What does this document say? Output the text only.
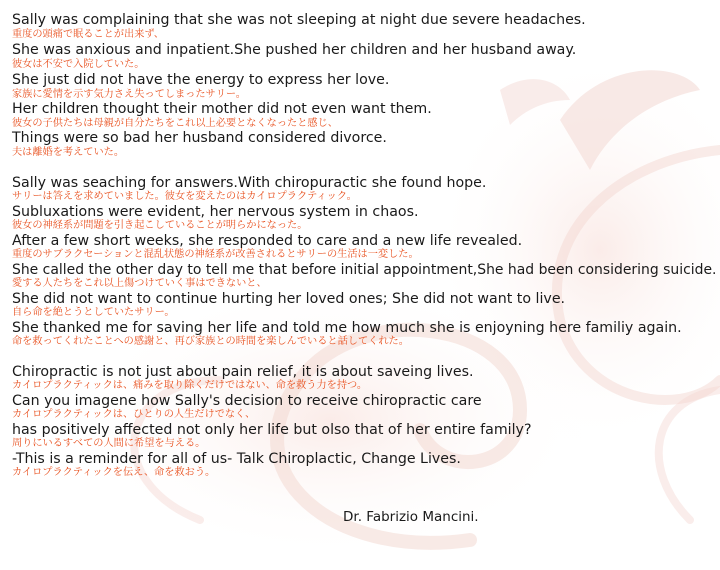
Sally was complaining that she was not sleeping at night due severe headaches.
重度の頭痛で眠ることが出来ず、
She was anxious and inpatient.She pushed her children and her husband away.
彼女は不安で入院していた。
She just did not have the energy to express her love.
家族に愛情を示す気力さえ失ってしまったサリー。
Her children thought their mother did not even want them.
彼女の子供たちは母親が自分たちをこれ以上必要となくなったと感じ、
Things were so bad her husband considered divorce.
夫は離婚を考えていた。
Sally was seaching for answers.With chiropuractic she found hope.
サリーは答えを求めていました。彼女を変えたのはカイロプラクティック。
Subluxations were evident, her nervous system in chaos.
彼女の神経系が問題を引き起こしていることが明らかになった。
After a few short weeks, she responded to care and a new life revealed.
重度のサブラクセーションと混乱状態の神経系が改善されるとサリーの生活は一変した。
She called the other day to tell me that before initial appointment,She had been considering suicide.
愛する人たちをこれ以上傷つけていく事はできないと、
She did not want to continue hurting her loved ones; She did not want to live.
自ら命を絶とうとしていたサリー。
She thanked me for saving her life and told me how much she is enjoyning here familiy again.
命を救ってくれたことへの感謝と、再び家族との時間を楽しんでいると話してくれた。
Chiropractic is not just about pain relief, it is about saveing lives.
カイロプラクティックは、痛みを取り除くだけではない、命を救う力を持つ。
Can you imagene how Sally's decision to receive chiropractic care
カイロプラクティックは、ひとりの人生だけでなく、
has positively affected not only her life but olso that of her entire family?
周りにいるすべての人間に希望を与える。
-This is a reminder for all of us- Talk Chiroplactic, Change Lives.
カイロプラクティックを伝え、命を救おう。
Dr. Fabrizio Mancini.
